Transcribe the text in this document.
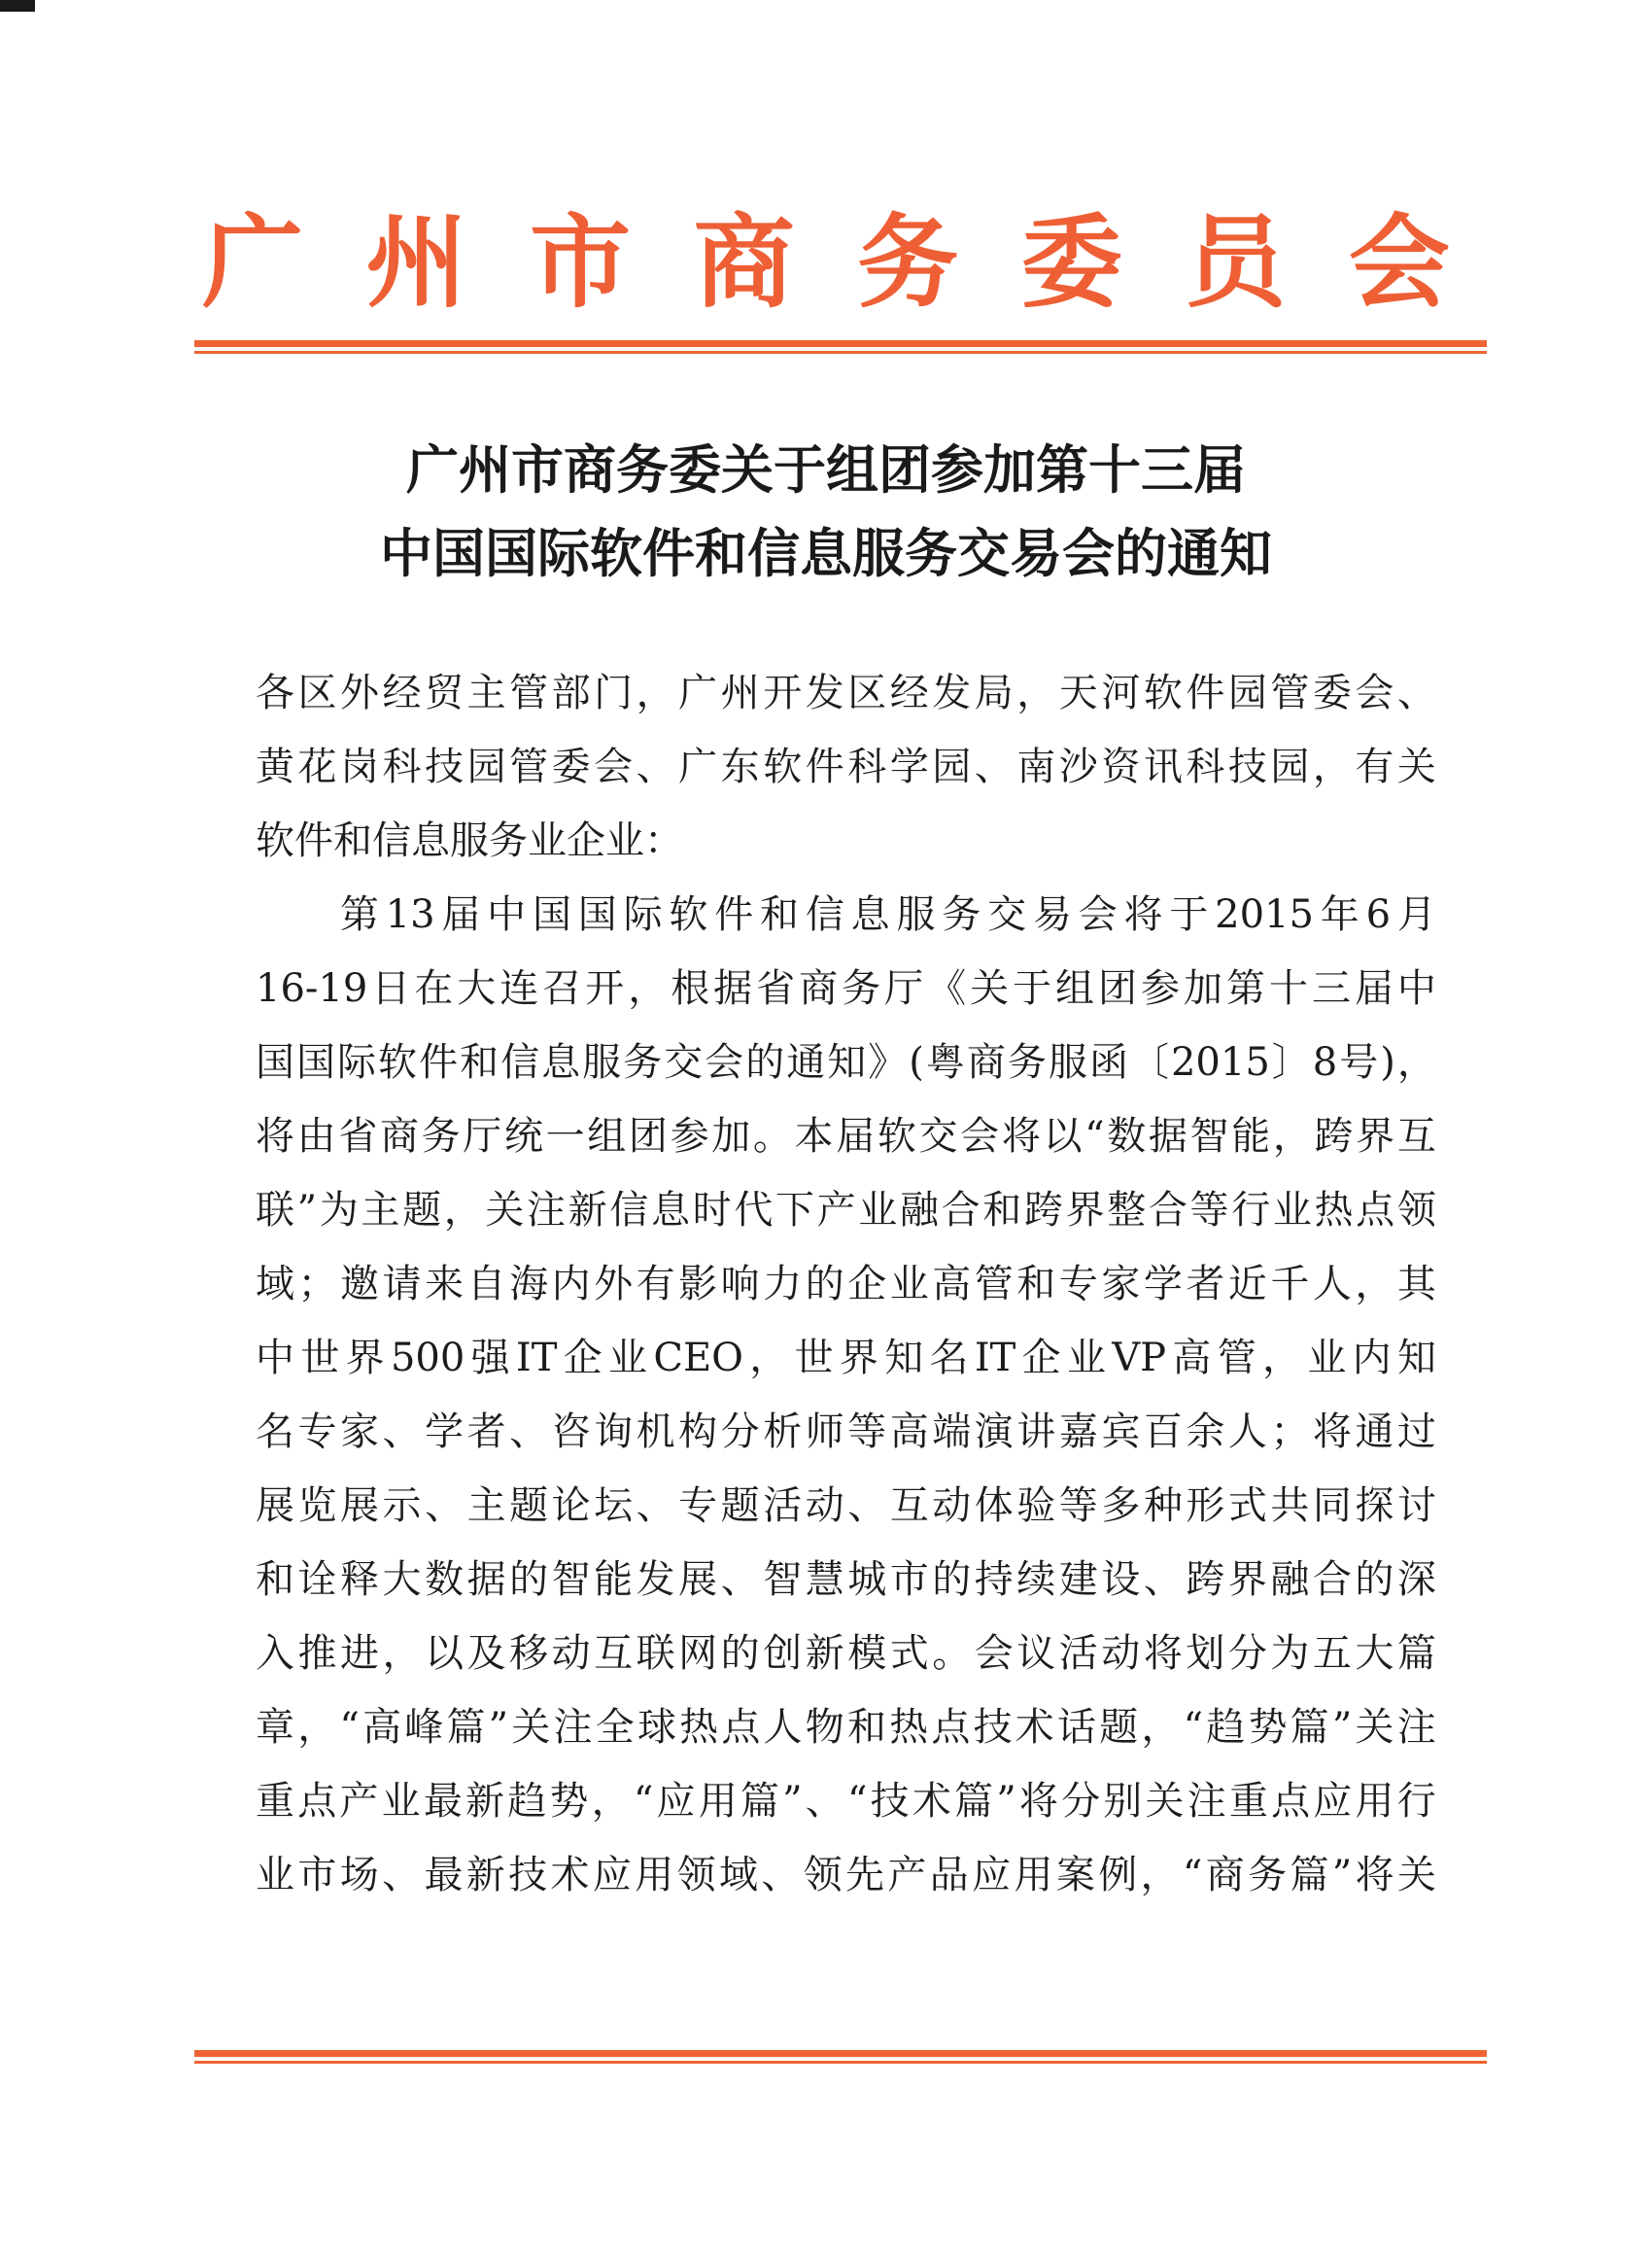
广 州 市 商 务 委 员 会
广州市商务委关于组团参加第十三届
中国国际软件和信息服务交易会的通知
各 区 外 经 贸 主 管 部 门 ， 广 州 开 发 区 经 发 局 ， 天 河 软 件 园 管 委 会 、
黄 花 岗 科 技 园 管 委 会 、 广 东 软 件 科 学 园 、 南 沙 资 讯 科 技 园 ， 有 关
软件和信息服务业企业：

第 13 届 中 国 国 际 软 件 和 信 息 服 务 交 易 会 将 于 2015 年 6 月
16-19 日 在 大 连 召 开 ， 根 据 省 商 务 厅 《 关 于 组 团 参 加 第 十 三 届 中
国 国 际 软 件 和 信 息 服 务 交 会 的 通 知 》 ( 粤 商 务 服 函 〔 2015 〕 8 号 ) ，
将 由 省 商 务 厅 统 一 组 团 参 加 。 本 届 软 交 会 将 以 “ 数 据 智 能 ， 跨 界 互
联 ” 为 主 题 ， 关 注 新 信 息 时 代 下 产 业 融 合 和 跨 界 整 合 等 行 业 热 点 领
域 ； 邀 请 来 自 海 内 外 有 影 响 力 的 企 业 高 管 和 专 家 学 者 近 千 人 ， 其
中 世 界 500 强 IT 企 业 CEO ， 世 界 知 名 IT 企 业 VP 高 管 ， 业 内 知
名 专 家 、 学 者 、 咨 询 机 构 分 析 师 等 高 端 演 讲 嘉 宾 百 余 人 ； 将 通 过
展 览 展 示 、 主 题 论 坛 、 专 题 活 动 、 互 动 体 验 等 多 种 形 式 共 同 探 讨
和 诠 释 大 数 据 的 智 能 发 展 、 智 慧 城 市 的 持 续 建 设 、 跨 界 融 合 的 深
入 推 进 ， 以 及 移 动 互 联 网 的 创 新 模 式 。 会 议 活 动 将 划 分 为 五 大 篇
章 ， “ 高 峰 篇 ” 关 注 全 球 热 点 人 物 和 热 点 技 术 话 题 ， “ 趋 势 篇 ” 关 注
重 点 产 业 最 新 趋 势 ， “ 应 用 篇 ” 、 “ 技 术 篇 ” 将 分 别 关 注 重 点 应 用 行
业 市 场 、 最 新 技 术 应 用 领 域 、 领 先 产 品 应 用 案 例 ， “ 商 务 篇 ” 将 关
